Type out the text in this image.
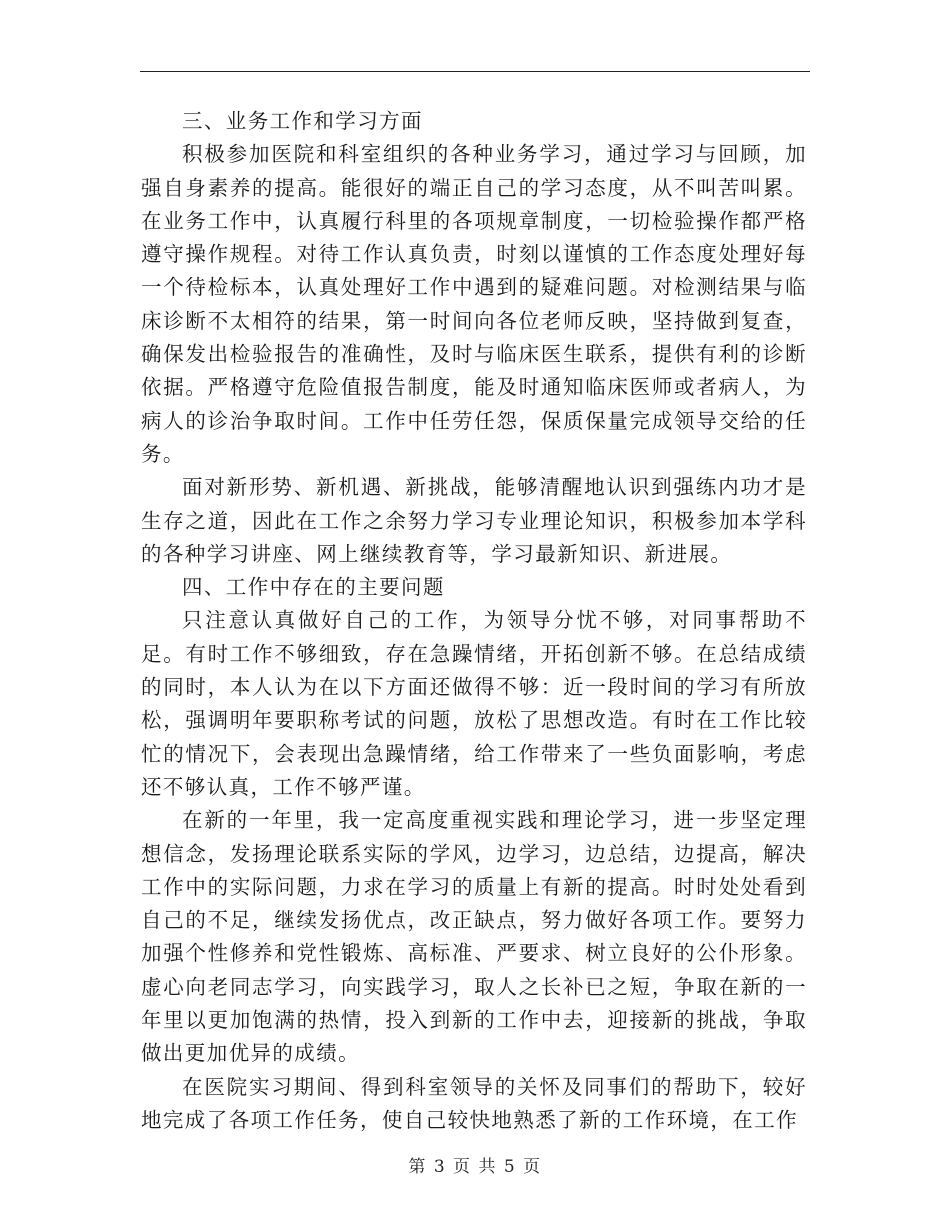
三、业务工作和学习方面

积极参加医院和科室组织的各种业务学习，通过学习与回顾，加强自身素养的提高。能很好的端正自己的学习态度，从不叫苦叫累。在业务工作中，认真履行科里的各项规章制度，一切检验操作都严格遵守操作规程。对待工作认真负责，时刻以谨慎的工作态度处理好每一个待检标本，认真处理好工作中遇到的疑难问题。对检测结果与临床诊断不太相符的结果，第一时间向各位老师反映，坚持做到复查，确保发出检验报告的准确性，及时与临床医生联系，提供有利的诊断依据。严格遵守危险值报告制度，能及时通知临床医师或者病人，为病人的诊治争取时间。工作中任劳任怨，保质保量完成领导交给的任务。

面对新形势、新机遇、新挑战，能够清醒地认识到强练内功才是生存之道，因此在工作之余努力学习专业理论知识，积极参加本学科的各种学习讲座、网上继续教育等，学习最新知识、新进展。

四、工作中存在的主要问题

只注意认真做好自己的工作，为领导分忧不够，对同事帮助不足。有时工作不够细致，存在急躁情绪，开拓创新不够。在总结成绩的同时，本人认为在以下方面还做得不够：近一段时间的学习有所放松，强调明年要职称考试的问题，放松了思想改造。有时在工作比较忙的情况下，会表现出急躁情绪，给工作带来了一些负面影响，考虑还不够认真，工作不够严谨。

在新的一年里，我一定高度重视实践和理论学习，进一步坚定理想信念，发扬理论联系实际的学风，边学习，边总结，边提高，解决工作中的实际问题，力求在学习的质量上有新的提高。时时处处看到自己的不足，继续发扬优点，改正缺点，努力做好各项工作。要努力加强个性修养和党性锻炼、高标准、严要求、树立良好的公仆形象。虚心向老同志学习，向实践学习，取人之长补已之短，争取在新的一年里以更加饱满的热情，投入到新的工作中去，迎接新的挑战，争取做出更加优异的成绩。

在医院实习期间、得到科室领导的关怀及同事们的帮助下，较好地完成了各项工作任务，使自己较快地熟悉了新的工作环境，在工作

第 3 页 共 5 页
